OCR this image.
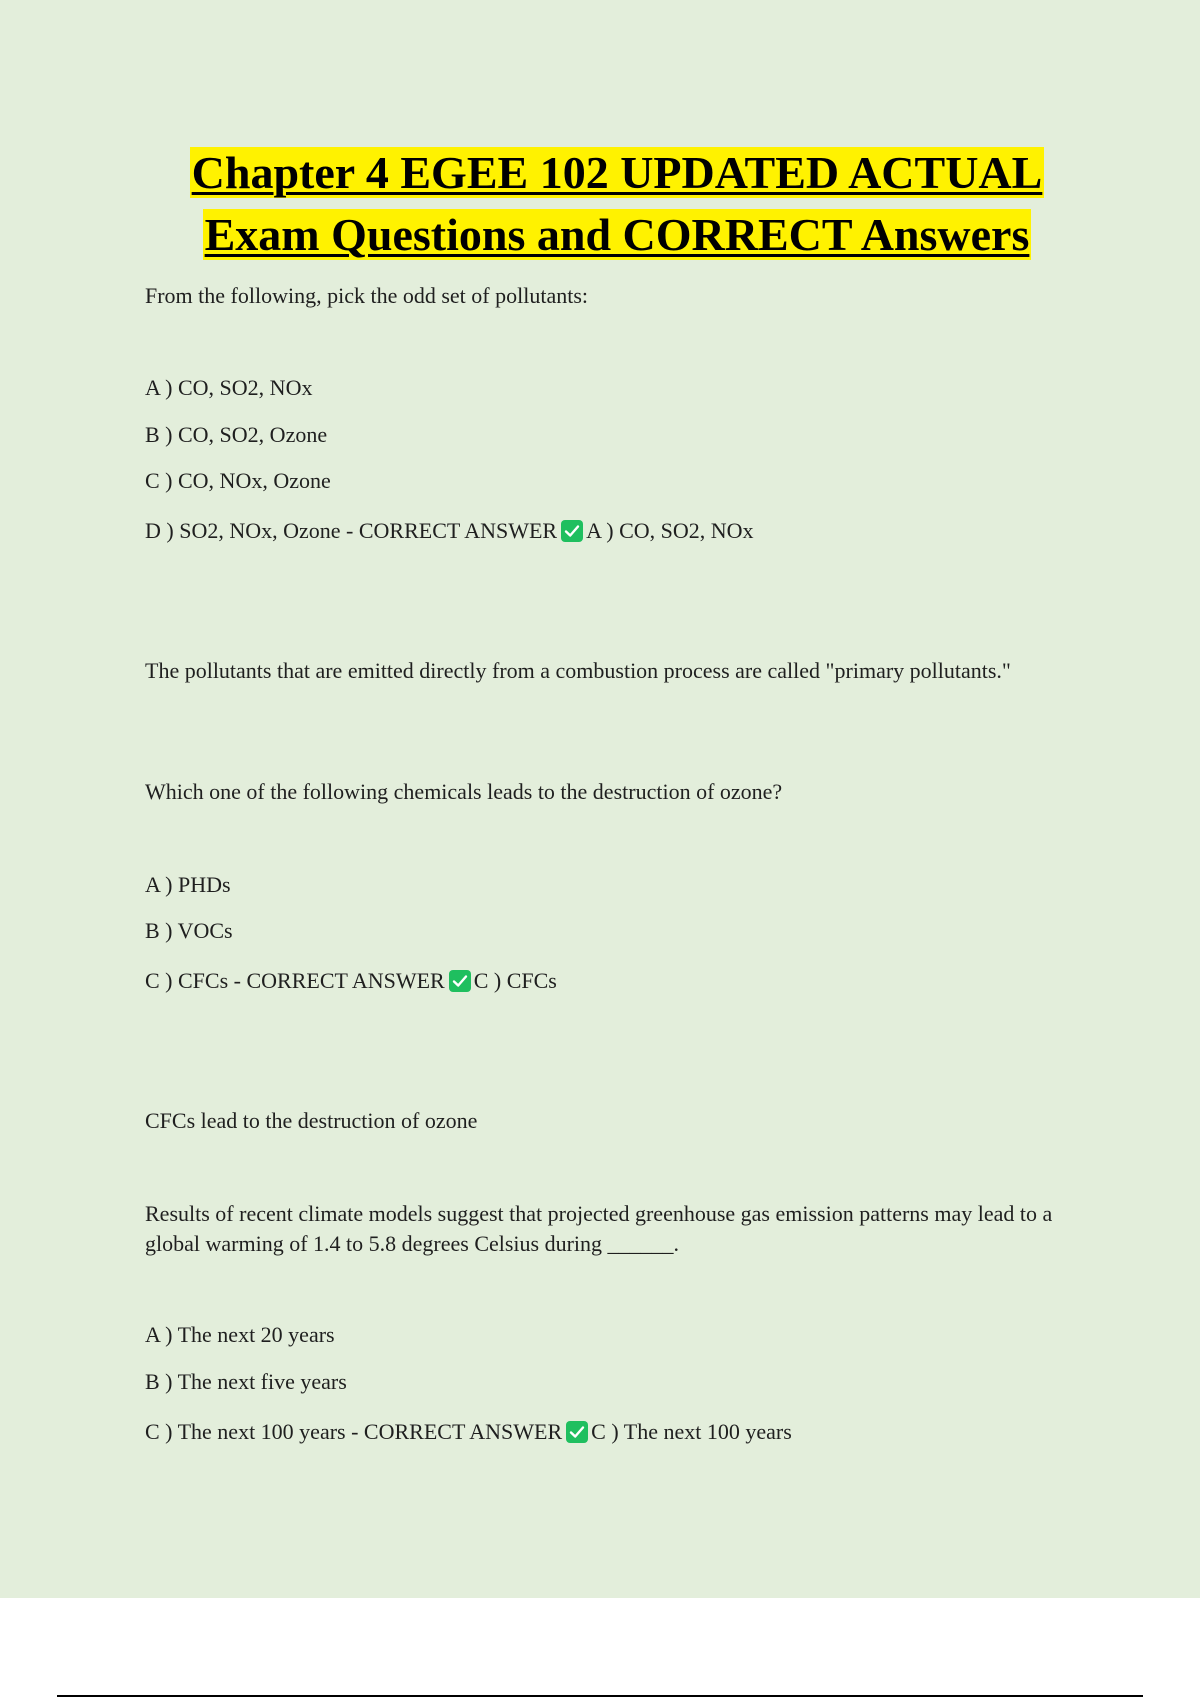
Chapter 4 EGEE 102 UPDATED ACTUAL
Exam Questions and CORRECT Answers
From the following, pick the odd set of pollutants:
A ) CO, SO2, NOx
B ) CO, SO2, Ozone
C ) CO, NOx, Ozone
D ) SO2, NOx, Ozone - CORRECT ANSWER A ) CO, SO2, NOx
The pollutants that are emitted directly from a combustion process are called "primary pollutants."
Which one of the following chemicals leads to the destruction of ozone?
A ) PHDs
B ) VOCs
C ) CFCs - CORRECT ANSWER C ) CFCs
CFCs lead to the destruction of ozone
Results of recent climate models suggest that projected greenhouse gas emission patterns may lead to a global warming of 1.4 to 5.8 degrees Celsius during ______.
A ) The next 20 years
B ) The next five years
C ) The next 100 years - CORRECT ANSWER C ) The next 100 years
